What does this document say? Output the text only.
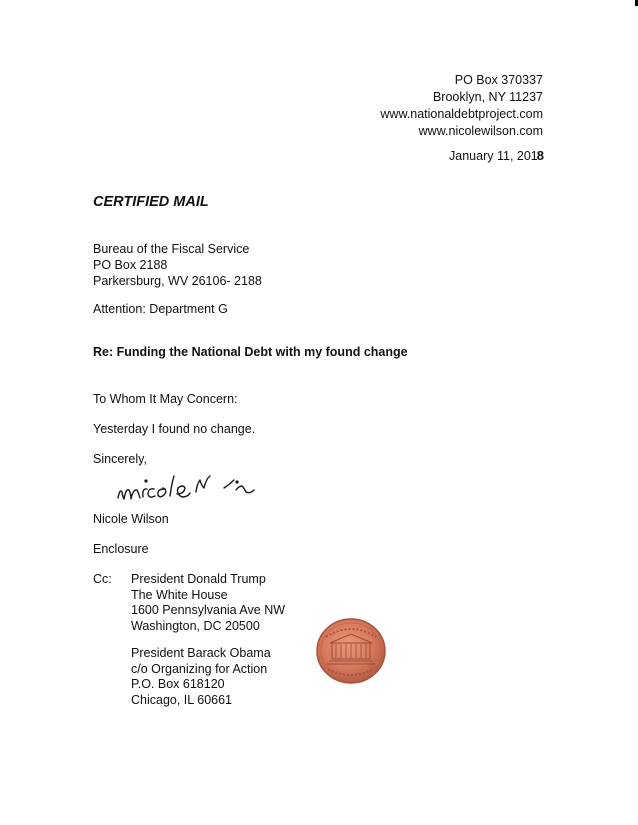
PO Box 370337
Brooklyn, NY 11237
www.nationaldebtproject.com
www.nicolewilson.com
January 11, 2018
CERTIFIED MAIL
Bureau of the Fiscal Service
PO Box 2188
Parkersburg, WV 26106- 2188
Attention: Department G
Re: Funding the National Debt with my found change
To Whom It May Concern:
Yesterday I found no change.
Sincerely,
Nicole Wilson
Enclosure
Cc: President Donald Trump
The White House
1600 Pennsylvania Ave NW
Washington, DC 20500
President Barack Obama
c/o Organizing for Action
P.O. Box 618120
Chicago, IL 60661
